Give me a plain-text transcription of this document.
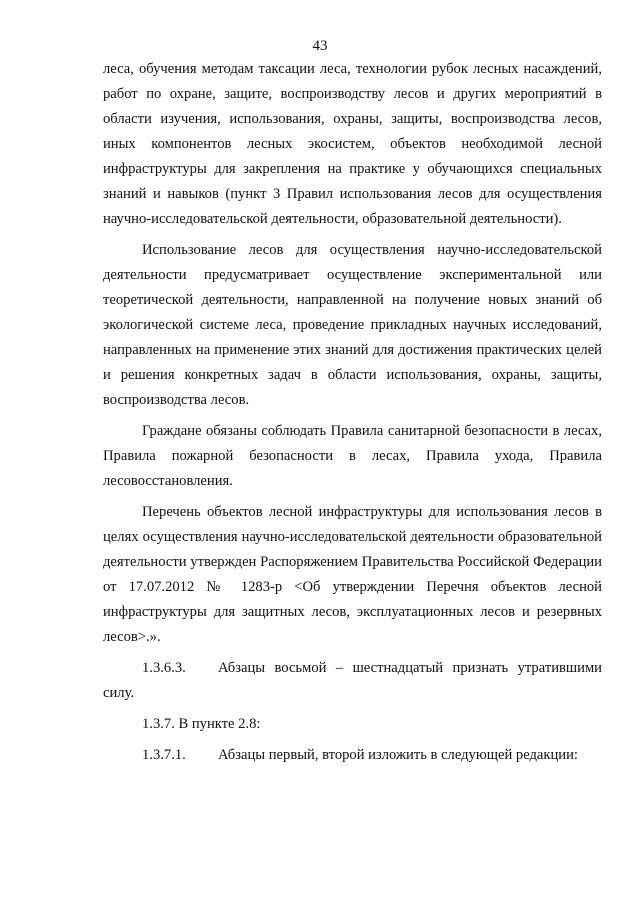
43

леса, обучения методам таксации леса, технологии рубок лесных насаждений, работ по охране, защите, воспроизводству лесов и других мероприятий в области изучения, использования, охраны, защиты, воспроизводства лесов, иных компонентов лесных экосистем, объектов необходимой лесной инфраструктуры для закрепления на практике у обучающихся специальных знаний и навыков (пункт 3 Правил использования лесов для осуществления научно-исследовательской деятельности, образовательной деятельности).

Использование лесов для осуществления научно-исследовательской деятельности предусматривает осуществление экспериментальной или теоретической деятельности, направленной на получение новых знаний об экологической системе леса, проведение прикладных научных исследований, направленных на применение этих знаний для достижения практических целей и решения конкретных задач в области использования, охраны, защиты, воспроизводства лесов.

Граждане обязаны соблюдать Правила санитарной безопасности в лесах, Правила пожарной безопасности в лесах, Правила ухода, Правила лесовосстановления.

Перечень объектов лесной инфраструктуры для использования лесов в целях осуществления научно-исследовательской деятельности образовательной деятельности утвержден Распоряжением Правительства Российской Федерации от 17.07.2012 № 1283-р <Об утверждении Перечня объектов лесной инфраструктуры для защитных лесов, эксплуатационных лесов и резервных лесов>.».

1.3.6.3. Абзацы восьмой – шестнадцатый признать утратившими силу.

1.3.7. В пункте 2.8:

1.3.7.1. Абзацы первый, второй изложить в следующей редакции:
